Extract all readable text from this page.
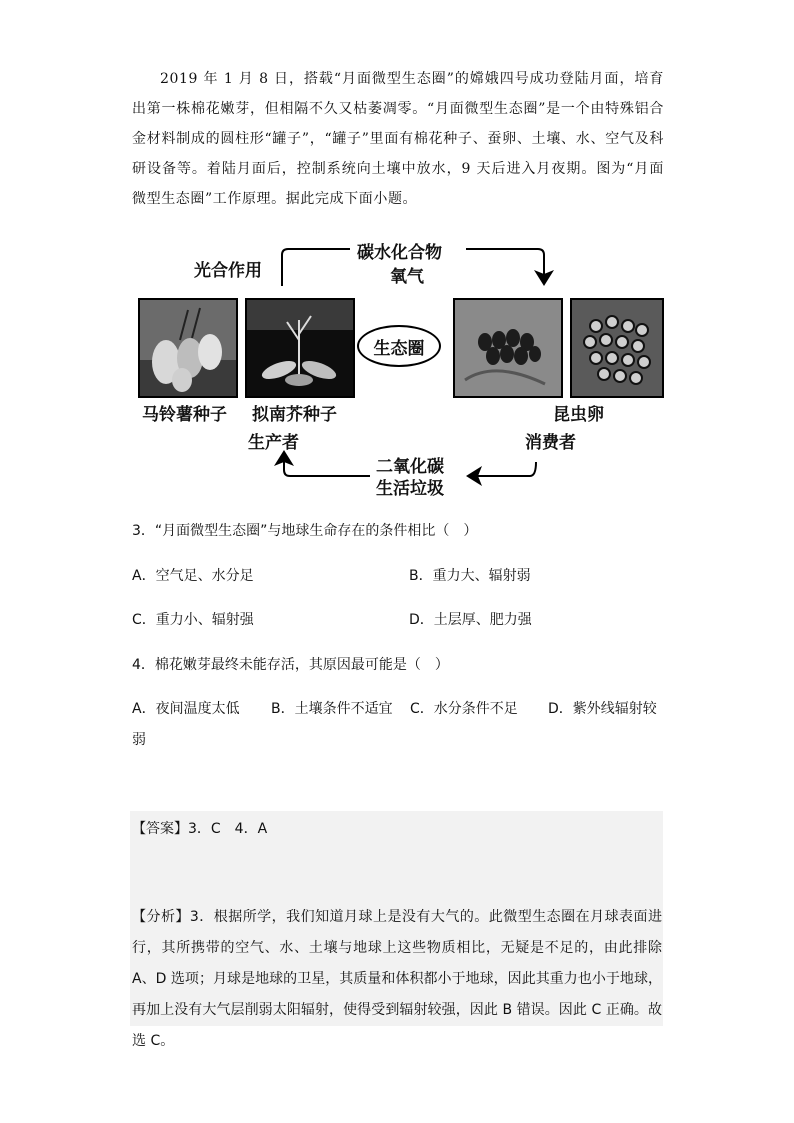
2019 年 1 月 8 日，搭载“月面微型生态圈”的嫦娥四号成功登陆月面，培育出第一株棉花嫩芽，但相隔不久又枯萎凋零。“月面微型生态圈”是一个由特殊铝合金材料制成的圆柱形“罐子”，“罐子”里面有棉花种子、蚕卵、土壤、水、空气及科研设备等。着陆月面后，控制系统向土壤中放水，9 天后进入月夜期。图为“月面微型生态圈”工作原理。据此完成下面小题。
光合作用
碳水化合物
氧气
生态圈
马铃薯种子 拟南芥种子	昆虫卵
生产者	消费者
二氧化碳
生活垃圾
3．“月面微型生态圈”与地球生命存在的条件相比（　）
A．空气足、水分足	B．重力大、辐射弱
C．重力小、辐射强	D．土层厚、肥力强
4．棉花嫩芽最终未能存活，其原因最可能是（　）
A．夜间温度太低 B．土壤条件不适宜 C．水分条件不足 D．紫外线辐射较
弱
【答案】3．C　4．A
【分析】3．根据所学，我们知道月球上是没有大气的。此微型生态圈在月球表面进行，其所携带的空气、水、土壤与地球上这些物质相比，无疑是不足的，由此排除 A、D 选项；月球是地球的卫星，其质量和体积都小于地球，因此其重力也小于地球，再加上没有大气层削弱太阳辐射，使得受到辐射较强，因此 B 错误。因此 C 正确。故选 C。
